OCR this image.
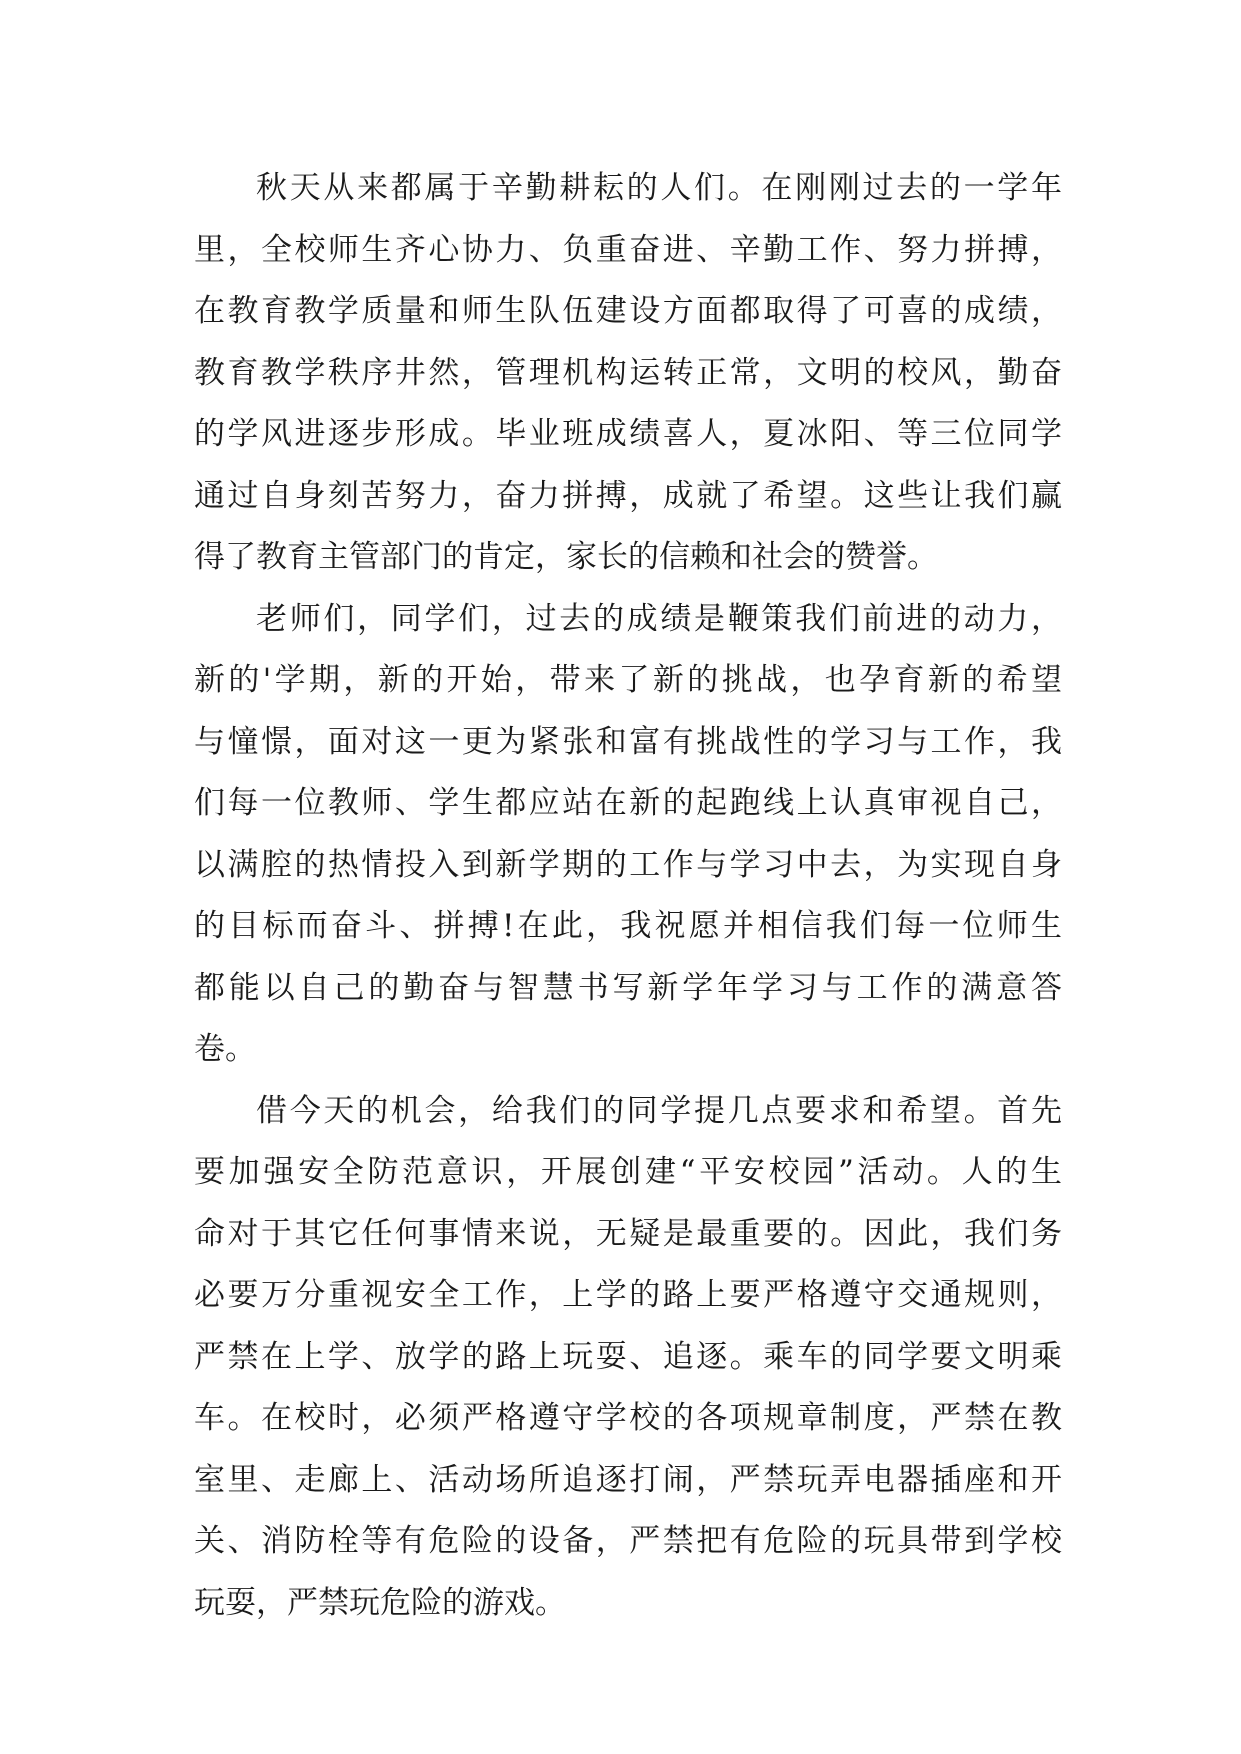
秋天从来都属于辛勤耕耘的人们。在刚刚过去的一学年
里，全校师生齐心协力、负重奋进、辛勤工作、努力拼搏，
在教育教学质量和师生队伍建设方面都取得了可喜的成绩，
教育教学秩序井然，管理机构运转正常，文明的校风，勤奋
的学风进逐步形成。毕业班成绩喜人，夏冰阳、等三位同学
通过自身刻苦努力，奋力拼搏，成就了希望。这些让我们赢
得了教育主管部门的肯定，家长的信赖和社会的赞誉。
老师们，同学们，过去的成绩是鞭策我们前进的动力，
新的'学期，新的开始，带来了新的挑战，也孕育新的希望
与憧憬，面对这一更为紧张和富有挑战性的学习与工作，我
们每一位教师、学生都应站在新的起跑线上认真审视自己，
以满腔的热情投入到新学期的工作与学习中去，为实现自身
的目标而奋斗、拼搏!在此，我祝愿并相信我们每一位师生
都能以自己的勤奋与智慧书写新学年学习与工作的满意答
卷。
借今天的机会，给我们的同学提几点要求和希望。首先
要加强安全防范意识，开展创建“平安校园”活动。人的生
命对于其它任何事情来说，无疑是最重要的。因此，我们务
必要万分重视安全工作，上学的路上要严格遵守交通规则，
严禁在上学、放学的路上玩耍、追逐。乘车的同学要文明乘
车。在校时，必须严格遵守学校的各项规章制度，严禁在教
室里、走廊上、活动场所追逐打闹，严禁玩弄电器插座和开
关、消防栓等有危险的设备，严禁把有危险的玩具带到学校
玩耍，严禁玩危险的游戏。
